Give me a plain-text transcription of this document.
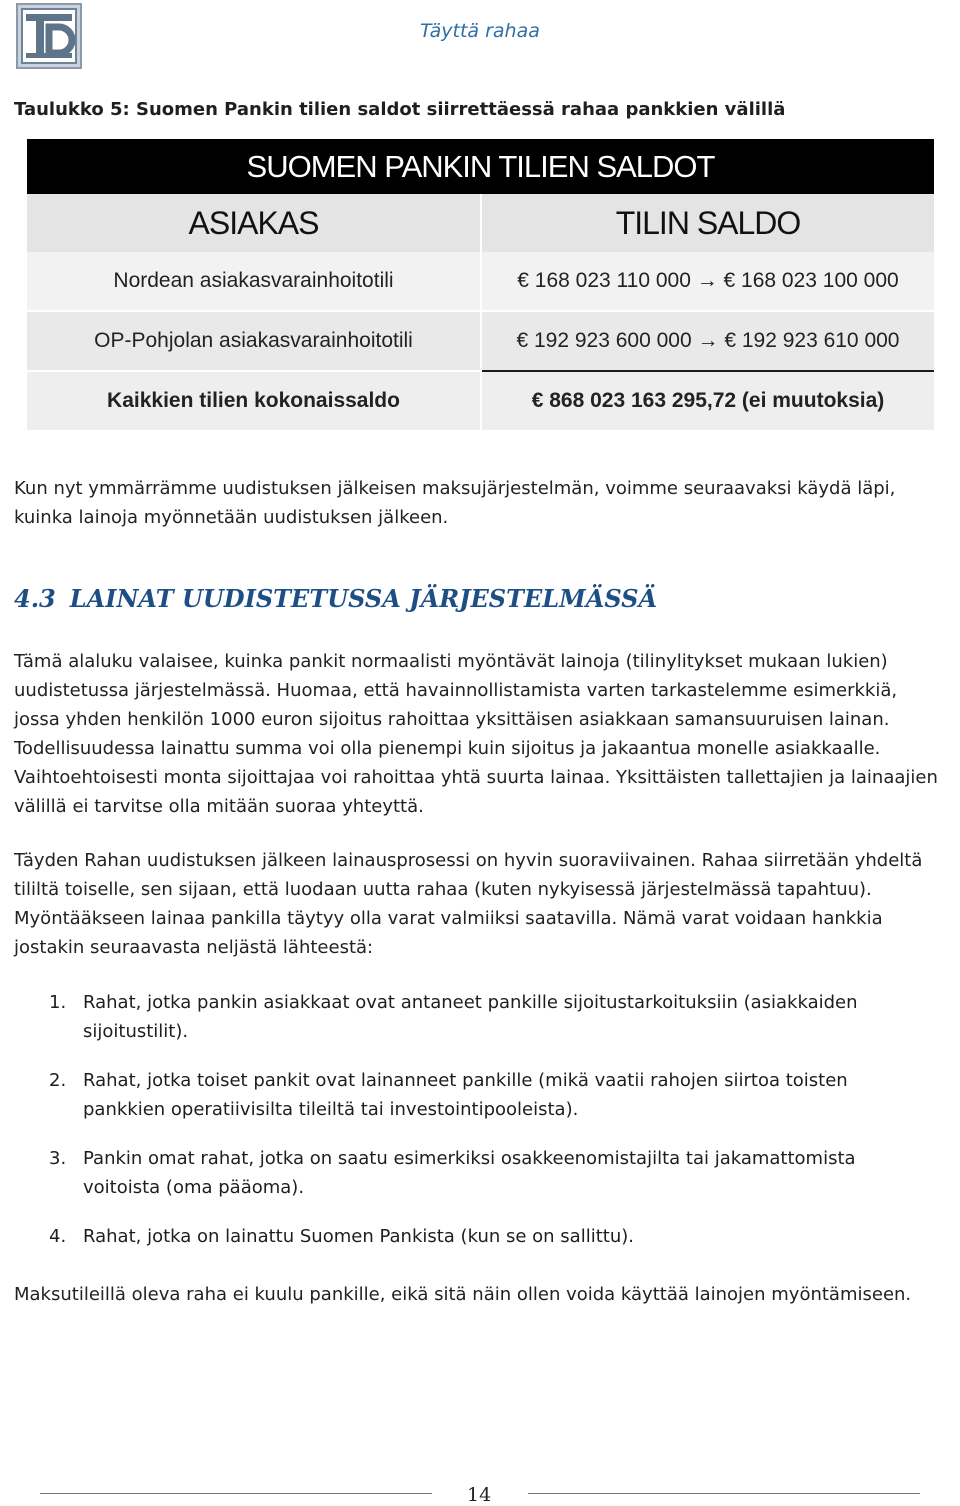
Täyttä rahaa
Taulukko 5: Suomen Pankin tilien saldot siirrettäessä rahaa pankkien välillä
SUOMEN PANKIN TILIEN SALDOT	
ASIAKAS	TILIN SALDO
Nordean asiakasvarainhoitotili	€ 168 023 110 000 → € 168 023 100 000
OP-Pohjolan asiakasvarainhoitotili	€ 192 923 600 000 → € 192 923 610 000
Kaikkien tilien kokonaissaldo	€ 868 023 163 295,72 (ei muutoksia)
Kun nyt ymmärrämme uudistuksen jälkeisen maksujärjestelmän, voimme seuraavaksi käydä läpi, kuinka lainoja myönnetään uudistuksen jälkeen.
4.3 LAINAT UUDISTETUSSA JÄRJESTELMÄSSÄ
Tämä alaluku valaisee, kuinka pankit normaalisti myöntävät lainoja (tilinylitykset mukaan lukien) uudistetussa järjestelmässä. Huomaa, että havainnollistamista varten tarkastelemme esimerkkiä, jossa yhden henkilön 1000 euron sijoitus rahoittaa yksittäisen asiakkaan samansuuruisen lainan. Todellisuudessa lainattu summa voi olla pienempi kuin sijoitus ja jakaantua monelle asiakkaalle. Vaihtoehtoisesti monta sijoittajaa voi rahoittaa yhtä suurta lainaa. Yksittäisten tallettajien ja lainaajien välillä ei tarvitse olla mitään suoraa yhteyttä.
Täyden Rahan uudistuksen jälkeen lainausprosessi on hyvin suoraviivainen. Rahaa siirretään yhdeltä tililtä toiselle, sen sijaan, että luodaan uutta rahaa (kuten nykyisessä järjestelmässä tapahtuu). Myöntääkseen lainaa pankilla täytyy olla varat valmiiksi saatavilla. Nämä varat voidaan hankkia jostakin seuraavasta neljästä lähteestä:
1. Rahat, jotka pankin asiakkaat ovat antaneet pankille sijoitustarkoituksiin (asiakkaiden sijoitustilit).
2. Rahat, jotka toiset pankit ovat lainanneet pankille (mikä vaatii rahojen siirtoa toisten pankkien operatiivisilta tileiltä tai investointipooleista).
3. Pankin omat rahat, jotka on saatu esimerkiksi osakkeenomistajilta tai jakamattomista voitoista (oma pääoma).
4. Rahat, jotka on lainattu Suomen Pankista (kun se on sallittu).
Maksutileillä oleva raha ei kuulu pankille, eikä sitä näin ollen voida käyttää lainojen myöntämiseen.
14
